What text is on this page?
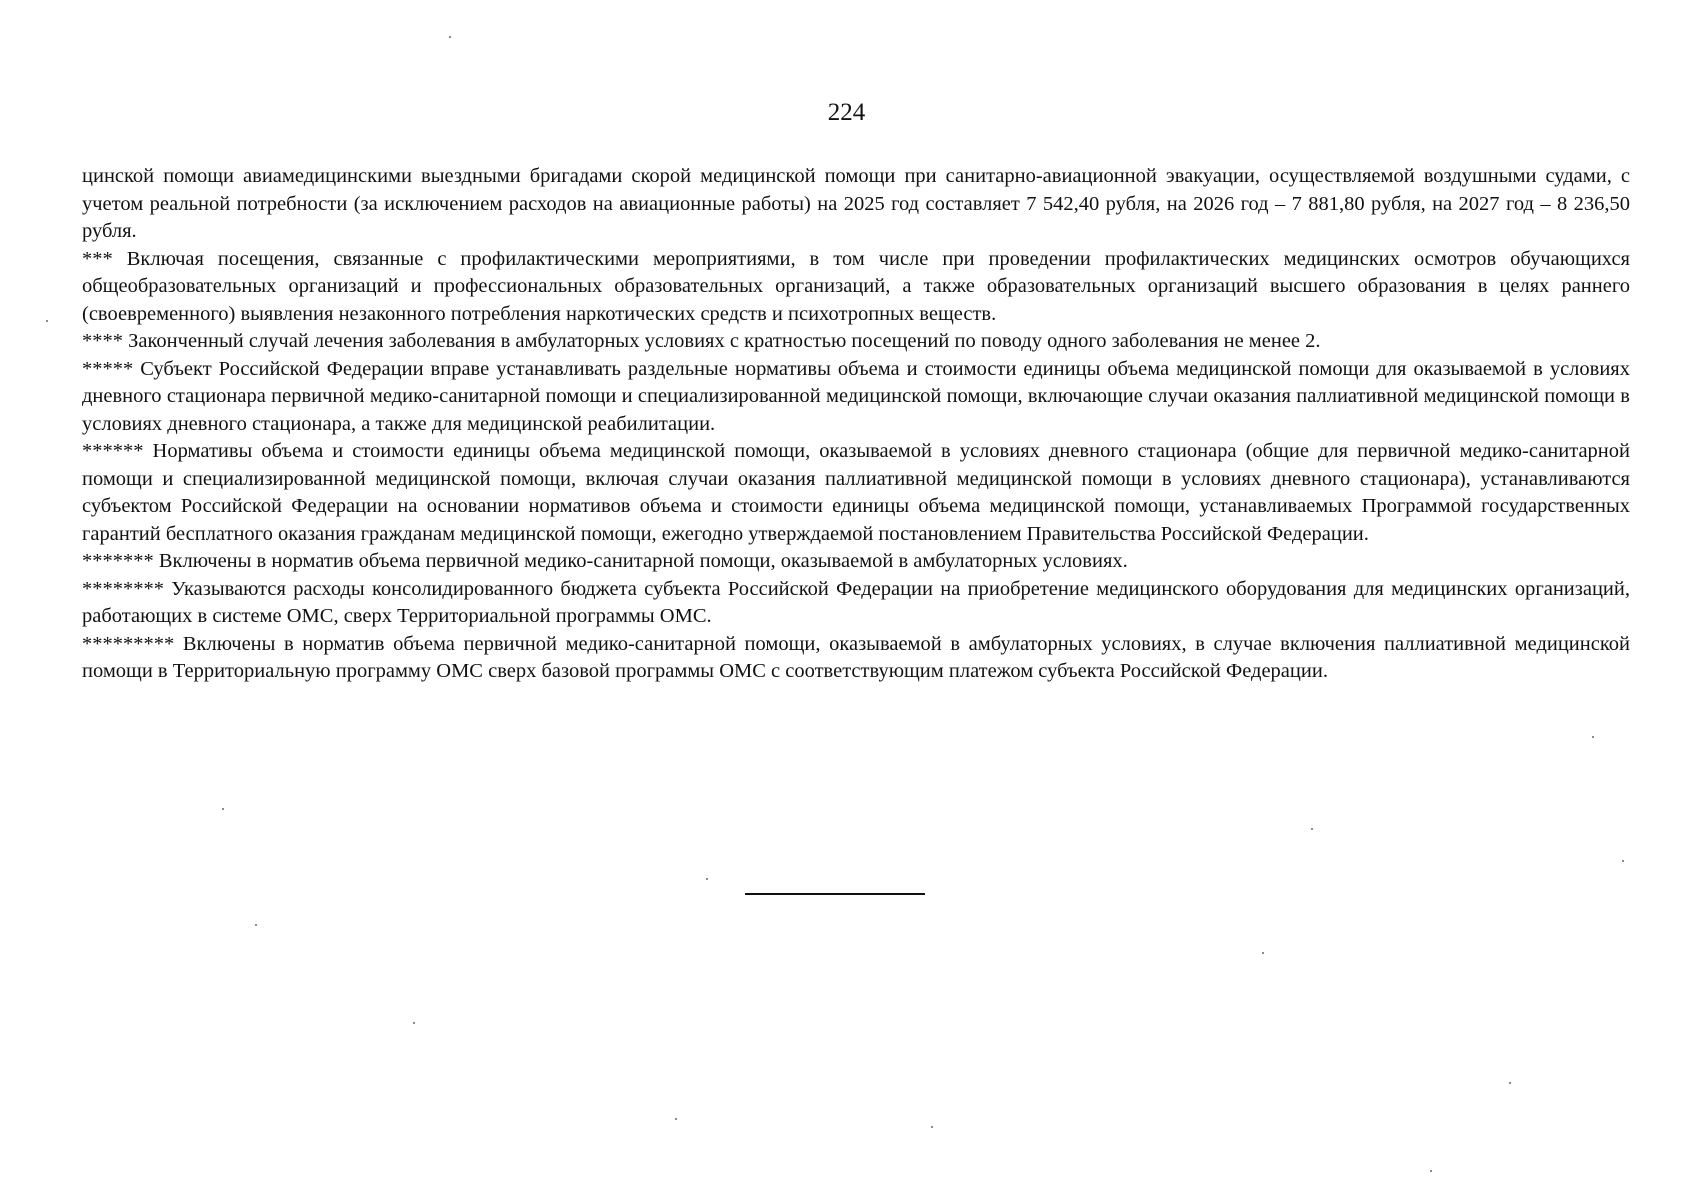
224

цинской помощи авиамедицинскими выездными бригадами скорой медицинской помощи при санитарно-авиационной эвакуации, осуществляемой воздушными судами, с учетом реальной потребности (за исключением расходов на авиационные работы) на 2025 год составляет 7 542,40 рубля, на 2026 год – 7 881,80 рубля, на 2027 год – 8 236,50 рубля.

*** Включая посещения, связанные с профилактическими мероприятиями, в том числе при проведении профилактических медицинских осмотров обучающихся общеобразовательных организаций и профессиональных образовательных организаций, а также образовательных организаций высшего образования в целях раннего (своевременного) выявления незаконного потребления наркотических средств и психотропных веществ.

**** Законченный случай лечения заболевания в амбулаторных условиях с кратностью посещений по поводу одного заболевания не менее 2.

***** Субъект Российской Федерации вправе устанавливать раздельные нормативы объема и стоимости единицы объема медицинской помощи для оказываемой в условиях дневного стационара первичной медико-санитарной помощи и специализированной медицинской помощи, включающие случаи оказания паллиативной медицинской помощи в условиях дневного стационара, а также для медицинской реабилитации.

****** Нормативы объема и стоимости единицы объема медицинской помощи, оказываемой в условиях дневного стационара (общие для первичной медико-санитарной помощи и специализированной медицинской помощи, включая случаи оказания паллиативной медицинской помощи в условиях дневного стационара), устанавливаются субъектом Российской Федерации на основании нормативов объема и стоимости единицы объема медицинской помощи, устанавливаемых Программой государственных гарантий бесплатного оказания гражданам медицинской помощи, ежегодно утверждаемой постановлением Правительства Российской Федерации.

******* Включены в норматив объема первичной медико-санитарной помощи, оказываемой в амбулаторных условиях.

******** Указываются расходы консолидированного бюджета субъекта Российской Федерации на приобретение медицинского оборудования для медицинских организаций, работающих в системе ОМС, сверх Территориальной программы ОМС.

********* Включены в норматив объема первичной медико-санитарной помощи, оказываемой в амбулаторных условиях, в случае включения паллиативной медицинской помощи в Территориальную программу ОМС сверх базовой программы ОМС с соответствующим платежом субъекта Российской Федерации.
